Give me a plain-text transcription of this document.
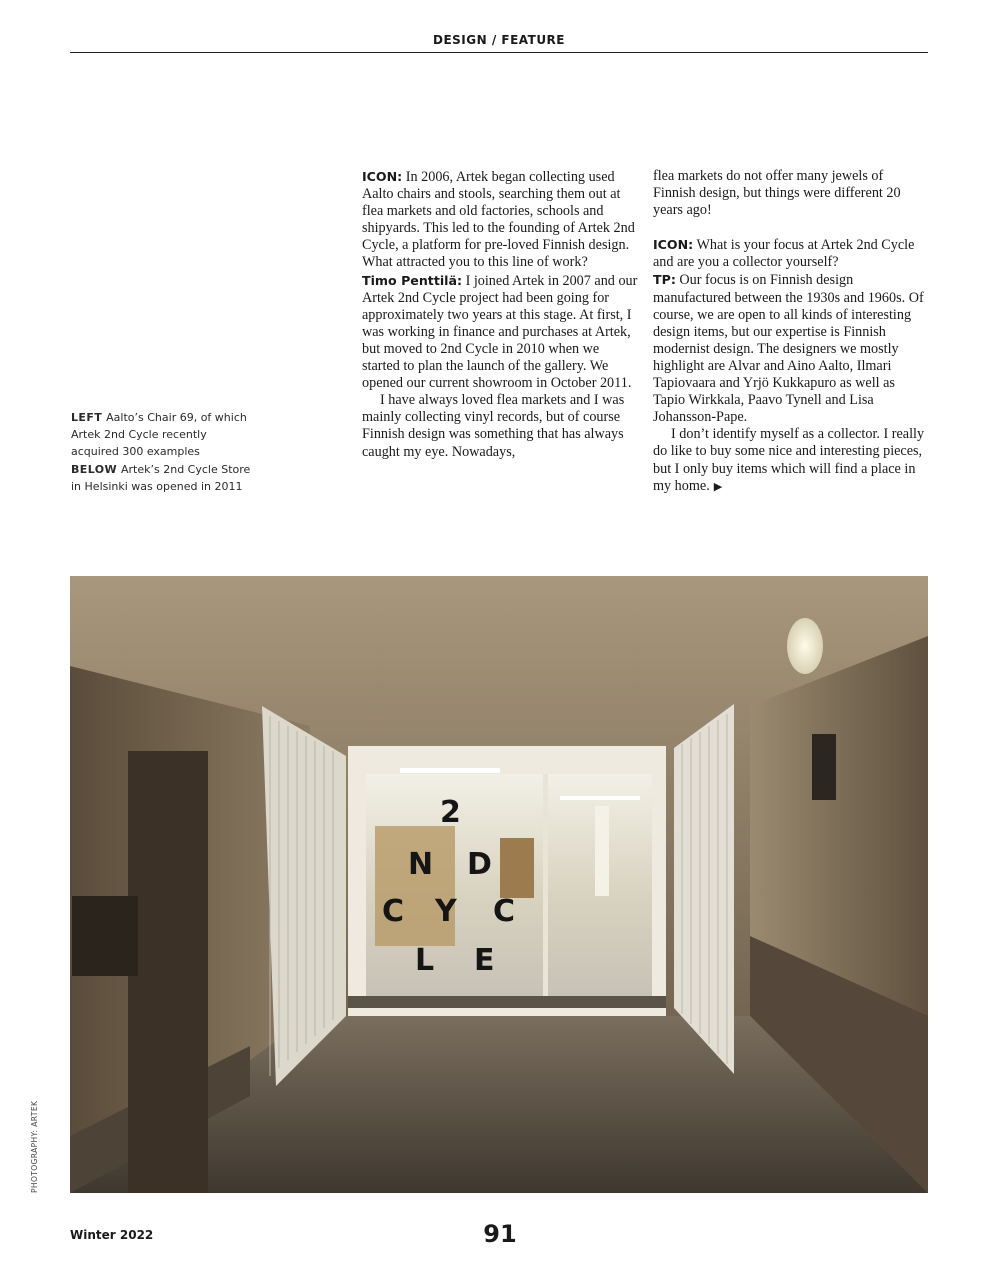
DESIGN / FEATURE
LEFT Aalto’s Chair 69, of which Artek 2nd Cycle recently acquired 300 examples
BELOW Artek’s 2nd Cycle Store in Helsinki was opened in 2011

ICON: In 2006, Artek began collecting used Aalto chairs and stools, searching them out at flea markets and old factories, schools and shipyards. This led to the founding of Artek 2nd Cycle, a platform for pre-loved Finnish design. What attracted you to this line of work?

Timo Penttilä: I joined Artek in 2007 and our Artek 2nd Cycle project had been going for approximately two years at this stage. At first, I was working in finance and purchases at Artek, but moved to 2nd Cycle in 2010 when we started to plan the launch of the gallery. We opened our current showroom in October 2011.

I have always loved flea markets and I was mainly collecting vinyl records, but of course Finnish design was something that has always caught my eye. Nowadays,

flea markets do not offer many jewels of Finnish design, but things were different 20 years ago!

ICON: What is your focus at Artek 2nd Cycle and are you a collector yourself?

TP: Our focus is on Finnish design manufactured between the 1930s and 1960s. Of course, we are open to all kinds of interesting design items, but our expertise is Finnish modernist design. The designers we mostly highlight are Alvar and Aino Aalto, Ilmari Tapiovaara and Yrjö Kukkapuro as well as Tapio Wirkkala, Paavo Tynell and Lisa Johansson-Pape.

I don’t identify myself as a collector. I really do like to buy some nice and interesting pieces, but I only buy items which will find a place in my home. ▶

2
N D
C Y C
L E
PHOTOGRAPHY: ARTEK
Winter 2022	91
